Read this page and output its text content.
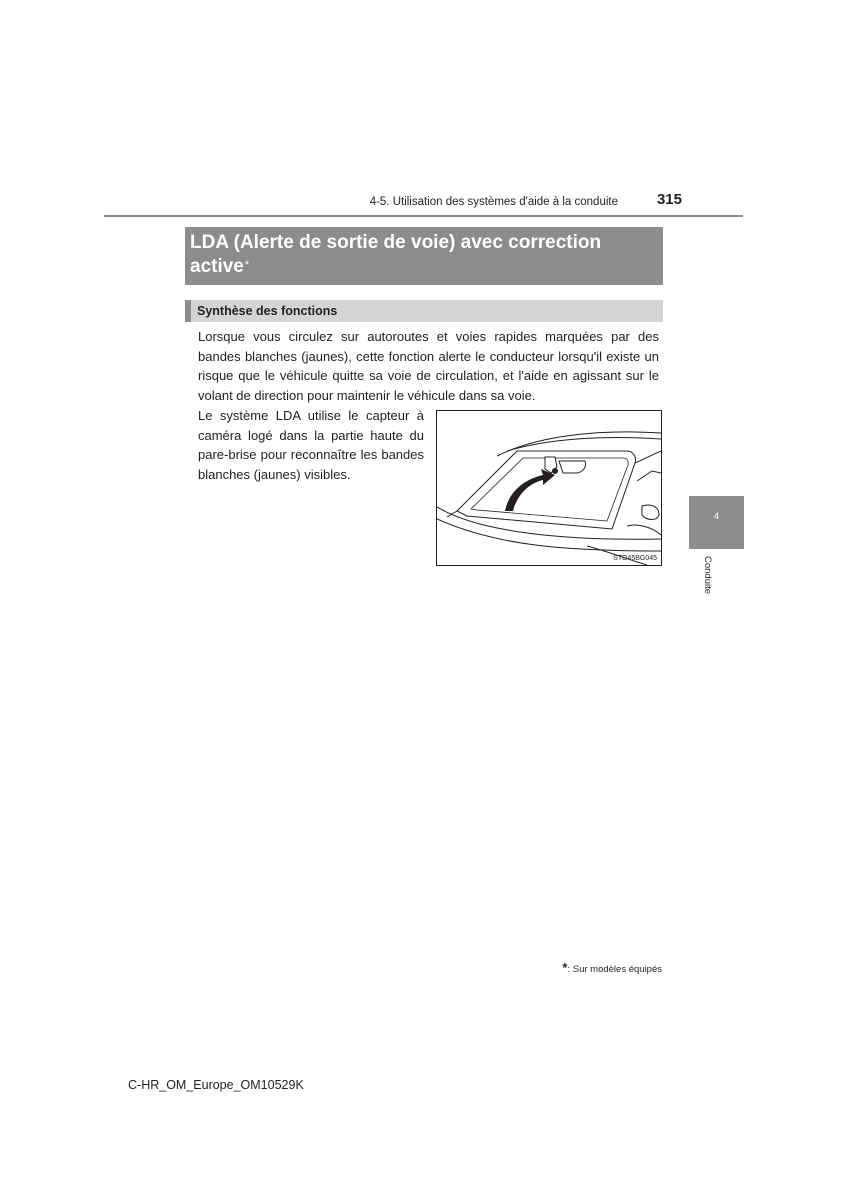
4-5. Utilisation des systèmes d'aide à la conduite	315
LDA (Alerte de sortie de voie) avec correction
active*
Synthèse des fonctions
Lorsque vous circulez sur autoroutes et voies rapides marquées par des bandes blanches (jaunes), cette fonction alerte le conducteur lorsqu'il existe un risque que le véhicule quitte sa voie de circulation, et l'aide en agissant sur le volant de direction pour maintenir le véhicule dans sa voie.
Le système LDA utilise le capteur à caméra logé dans la partie haute du pare-brise pour reconnaître les bandes blanches (jaunes) visibles.
STO45BG045
4
Conduite
*: Sur modèles équipés
C-HR_OM_Europe_OM10529K
